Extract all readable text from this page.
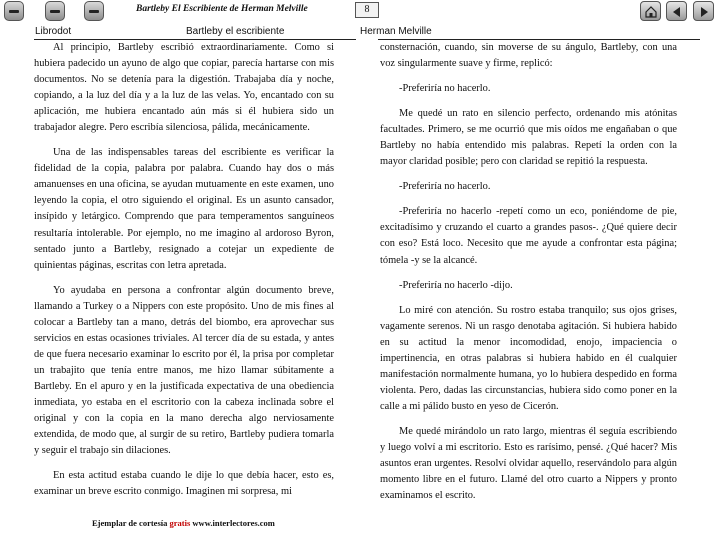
Bartleby El Escribiente de Herman Melville	8
Librodot	Bartleby el escribiente	Herman Melville

Al principio, Bartleby escribió extraordinariamente. Como si hubiera padecido un ayuno de algo que copiar, parecía hartarse con mis documentos. No se detenía para la digestión. Trabajaba día y noche, copiando, a la luz del día y a la luz de las velas. Yo, encantado con su aplicación, me hubiera encantado aún más si él hubiera sido un trabajador alegre. Pero escribía silenciosa, pálida, mecánicamente.

Una de las indispensables tareas del escribiente es verificar la fidelidad de la copia, palabra por palabra. Cuando hay dos o más amanuenses en una oficina, se ayudan mutuamente en este examen, uno leyendo la copia, el otro siguiendo el original. Es un asunto cansador, insípido y letárgico. Comprendo que para temperamentos sanguíneos resultaría intolerable. Por ejemplo, no me imagino al ardoroso Byron, sentado junto a Bartleby, resignado a cotejar un expediente de quinientas páginas, escritas con letra apretada.

Yo ayudaba en persona a confrontar algún documento breve, llamando a Turkey o a Nippers con este propósito. Uno de mis fines al colocar a Bartleby tan a mano, detrás del biombo, era aprovechar sus servicios en estas ocasiones triviales. Al tercer día de su estada, y antes de que fuera necesario examinar lo escrito por él, la prisa por completar un trabajito que tenía entre manos, me hizo llamar súbitamente a Bartleby. En el apuro y en la justificada expectativa de una obediencia inmediata, yo estaba en el escritorio con la cabeza inclinada sobre el original y con la copia en la mano derecha algo nerviosamente extendida, de modo que, al surgir de su retiro, Bartleby pudiera tomarla y seguir el trabajo sin dilaciones.

En esta actitud estaba cuando le dije lo que debía hacer, esto es, examinar un breve escrito conmigo. Imaginen mi sorpresa, mi

consternación, cuando, sin moverse de su ángulo, Bartleby, con una voz singularmente suave y firme, replicó:

-Preferiría no hacerlo.

Me quedé un rato en silencio perfecto, ordenando mis atónitas facultades. Primero, se me ocurrió que mis oídos me engañaban o que Bartleby no había entendido mis palabras. Repetí la orden con la mayor claridad posible; pero con claridad se repitió la respuesta.

-Preferiría no hacerlo.

-Preferiría no hacerlo -repetí como un eco, poniéndome de pie, excitadísimo y cruzando el cuarto a grandes pasos-. ¿Qué quiere decir con eso? Está loco. Necesito que me ayude a confrontar esta página; tómela -y se la alcancé.

-Preferiría no hacerlo -dijo.

Lo miré con atención. Su rostro estaba tranquilo; sus ojos grises, vagamente serenos. Ni un rasgo denotaba agitación. Si hubiera habido en su actitud la menor incomodidad, enojo, impaciencia o impertinencia, en otras palabras si hubiera habido en él cualquier manifestación normalmente humana, yo lo hubiera despedido en forma violenta. Pero, dadas las circunstancias, hubiera sido como poner en la calle a mi pálido busto en yeso de Cicerón.

Me quedé mirándolo un rato largo, mientras él seguía escribiendo y luego volví a mi escritorio. Esto es rarísimo, pensé. ¿Qué hacer? Mis asuntos eran urgentes. Resolví olvidar aquello, reservándolo para algún momento libre en el futuro. Llamé del otro cuarto a Nippers y pronto examinamos el escrito.

Ejemplar de cortesía gratis www.interlectores.com
